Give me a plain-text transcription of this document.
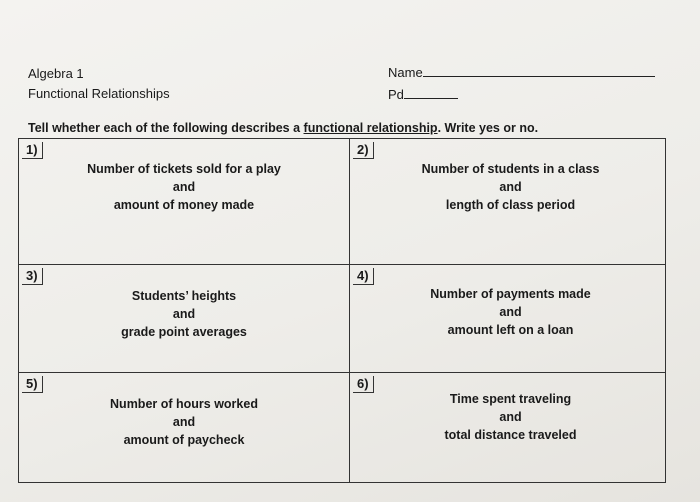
Algebra 1
Functional Relationships
Name
Pd
Tell whether each of the following describes a functional relationship. Write yes or no.
1)
Number of tickets sold for a play
and
amount of money made
2)
Number of students in a class
and
length of class period
3)
Students’ heights
and
grade point averages
4)
Number of payments made
and
amount left on a loan
5)
Number of hours worked
and
amount of paycheck
6)
Time spent traveling
and
total distance traveled
